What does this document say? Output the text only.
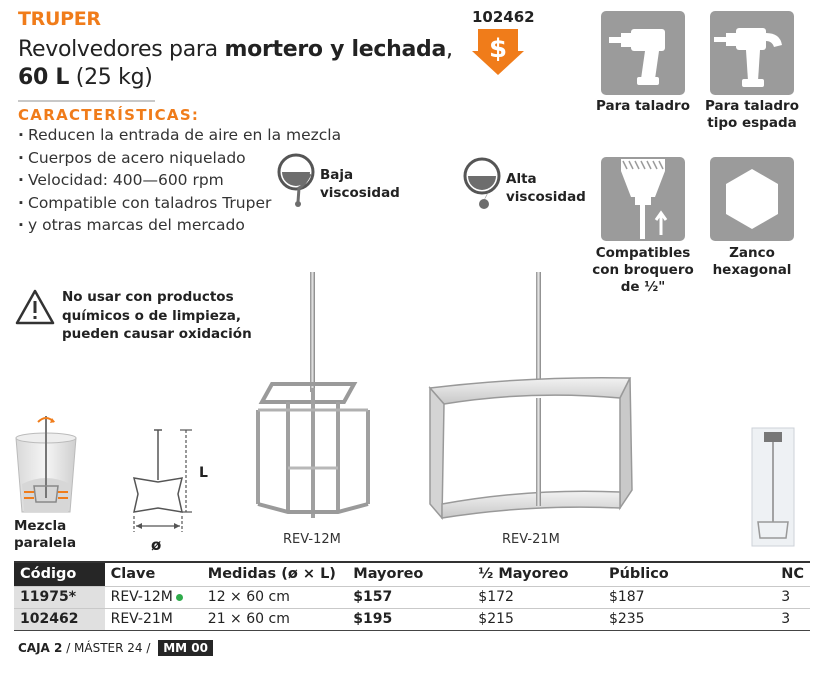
TRUPER	102462
$
Revolvedores para mortero y lechada,
60 L (25 kg)
CARACTERÍSTICAS:
· Reducen la entrada de aire en la mezcla
· Cuerpos de acero niquelado
· Velocidad: 400—600 rpm
· Compatible con taladros Truper
· y otras marcas del mercado
Baja
viscosidad
Alta
viscosidad
Para taladro	Para taladro
tipo espada
Compatibles
con broquero
de ½"
Zanco
hexagonal
No usar con productos
químicos o de limpieza,
pueden causar oxidación
Mezcla
paralela
L
ø	REV-12M	REV-21M
Código	Clave	Medidas (ø × L)	Mayoreo	½ Mayoreo	Público	NC
11975*	REV-12M	12 × 60 cm	$157	$172	$187	3
102462	REV-21M	21 × 60 cm	$195	$215	$235	3
CAJA 2 / MÁSTER 24 / MM 00
